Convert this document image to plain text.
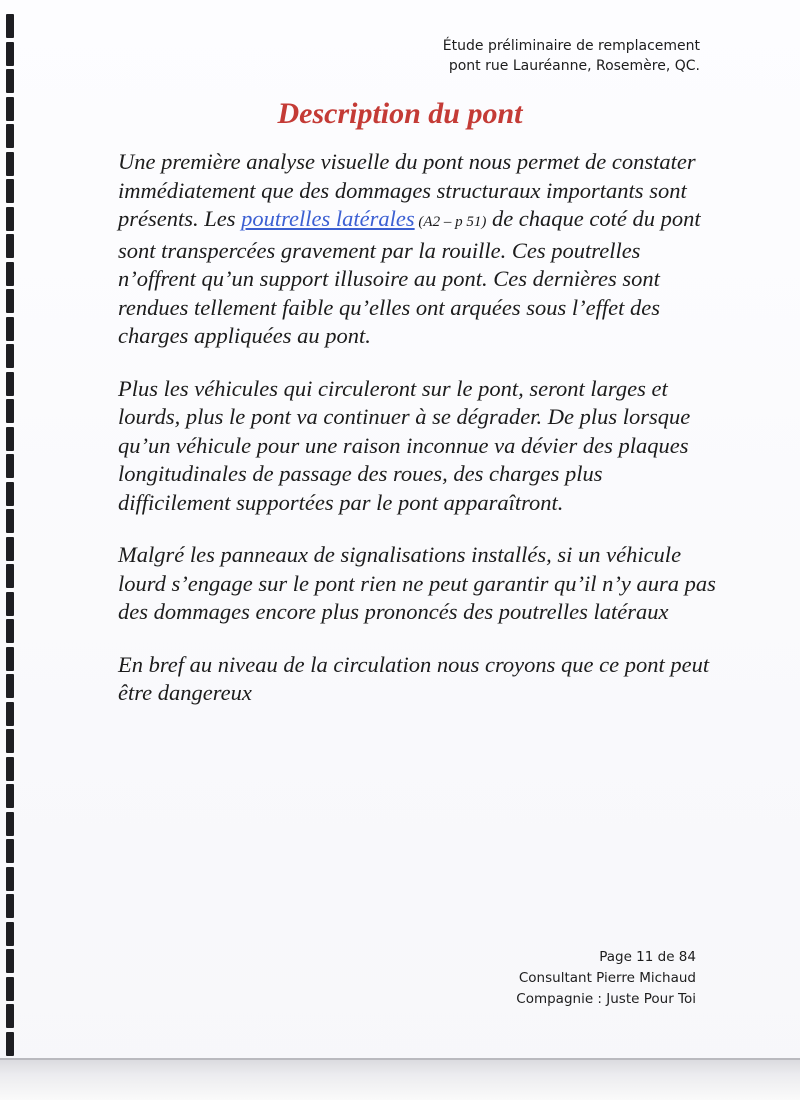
Étude préliminaire de remplacement
pont rue Lauréanne, Rosemère, QC.
Description du pont

Une première analyse visuelle du pont nous permet de constater immédiatement que des dommages structuraux importants sont présents. Les poutrelles latérales (A2 – p 51) de chaque coté du pont sont transpercées gravement par la rouille. Ces poutrelles n’offrent qu’un support illusoire au pont. Ces dernières sont rendues tellement faible qu’elles ont arquées sous l’effet des charges appliquées au pont.

Plus les véhicules qui circuleront sur le pont, seront larges et lourds, plus le pont va continuer à se dégrader. De plus lorsque qu’un véhicule pour une raison inconnue va dévier des plaques longitudinales de passage des roues, des charges plus difficilement supportées par le pont apparaîtront.

Malgré les panneaux de signalisations installés, si un véhicule lourd s’engage sur le pont rien ne peut garantir qu’il n’y aura pas des dommages encore plus prononcés des poutrelles latéraux

En bref au niveau de la circulation nous croyons que ce pont peut être dangereux

Page 11 de 84
Consultant Pierre Michaud
Compagnie : Juste Pour Toi
